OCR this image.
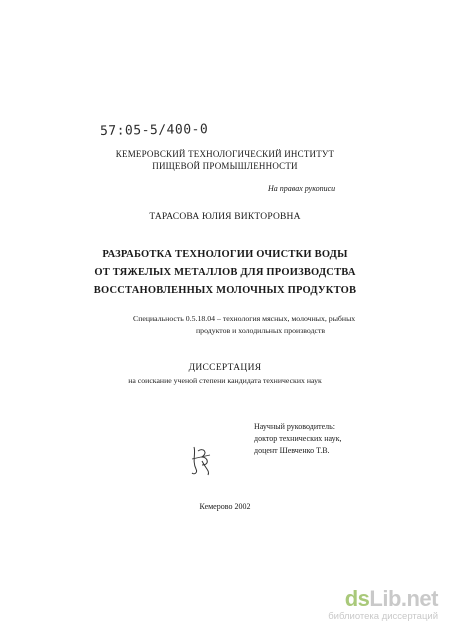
57:05-5/400-0
КЕМЕРОВСКИЙ ТЕХНОЛОГИЧЕСКИЙ ИНСТИТУТ
ПИЩЕВОЙ ПРОМЫШЛЕННОСТИ
На правах рукописи
ТАРАСОВА ЮЛИЯ ВИКТОРОВНА
РАЗРАБОТКА ТЕХНОЛОГИИ ОЧИСТКИ ВОДЫ
ОТ ТЯЖЕЛЫХ МЕТАЛЛОВ ДЛЯ ПРОИЗВОДСТВА
ВОССТАНОВЛЕННЫХ МОЛОЧНЫХ ПРОДУКТОВ
Специальность 0.5.18.04 – технология мясных, молочных, рыбных
продуктов и холодильных производств
ДИССЕРТАЦИЯ
на соискание ученой степени кандидата технических наук
Научный руководитель:
доктор технических наук,
доцент Шевченко Т.В.
Кемерово 2002
dsLib.net
библиотека диссертаций
